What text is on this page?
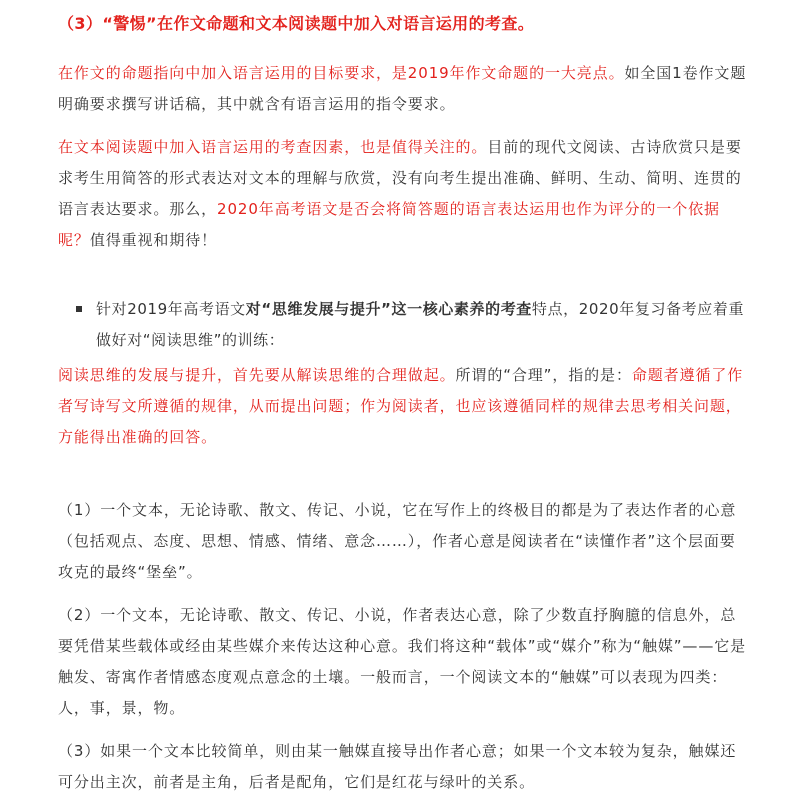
（3）“警惕”在作文命题和文本阅读题中加入对语言运用的考查。

在作文的命题指向中加入语言运用的目标要求，是2019年作文命题的一大亮点。如全国1卷作文题明确要求撰写讲话稿，其中就含有语言运用的指令要求。

在文本阅读题中加入语言运用的考查因素，也是值得关注的。目前的现代文阅读、古诗欣赏只是要求考生用简答的形式表达对文本的理解与欣赏，没有向考生提出准确、鲜明、生动、简明、连贯的语言表达要求。那么，2020年高考语文是否会将简答题的语言表达运用也作为评分的一个依据呢？值得重视和期待！

针对2019年高考语文对“思维发展与提升”这一核心素养的考查特点，2020年复习备考应着重做好对“阅读思维”的训练：

阅读思维的发展与提升，首先要从解读思维的合理做起。所谓的“合理”，指的是：命题者遵循了作者写诗写文所遵循的规律，从而提出问题；作为阅读者，也应该遵循同样的规律去思考相关问题，方能得出准确的回答。

（1）一个文本，无论诗歌、散文、传记、小说，它在写作上的终极目的都是为了表达作者的心意（包括观点、态度、思想、情感、情绪、意念……），作者心意是阅读者在“读懂作者”这个层面要攻克的最终“堡垒”。

（2）一个文本，无论诗歌、散文、传记、小说，作者表达心意，除了少数直抒胸臆的信息外，总要凭借某些载体或经由某些媒介来传达这种心意。我们将这种“载体”或“媒介”称为“触媒”——它是触发、寄寓作者情感态度观点意念的土壤。一般而言，一个阅读文本的“触媒”可以表现为四类：人，事，景，物。

（3）如果一个文本比较简单，则由某一触媒直接导出作者心意；如果一个文本较为复杂，触媒还可分出主次，前者是主角，后者是配角，它们是红花与绿叶的关系。
